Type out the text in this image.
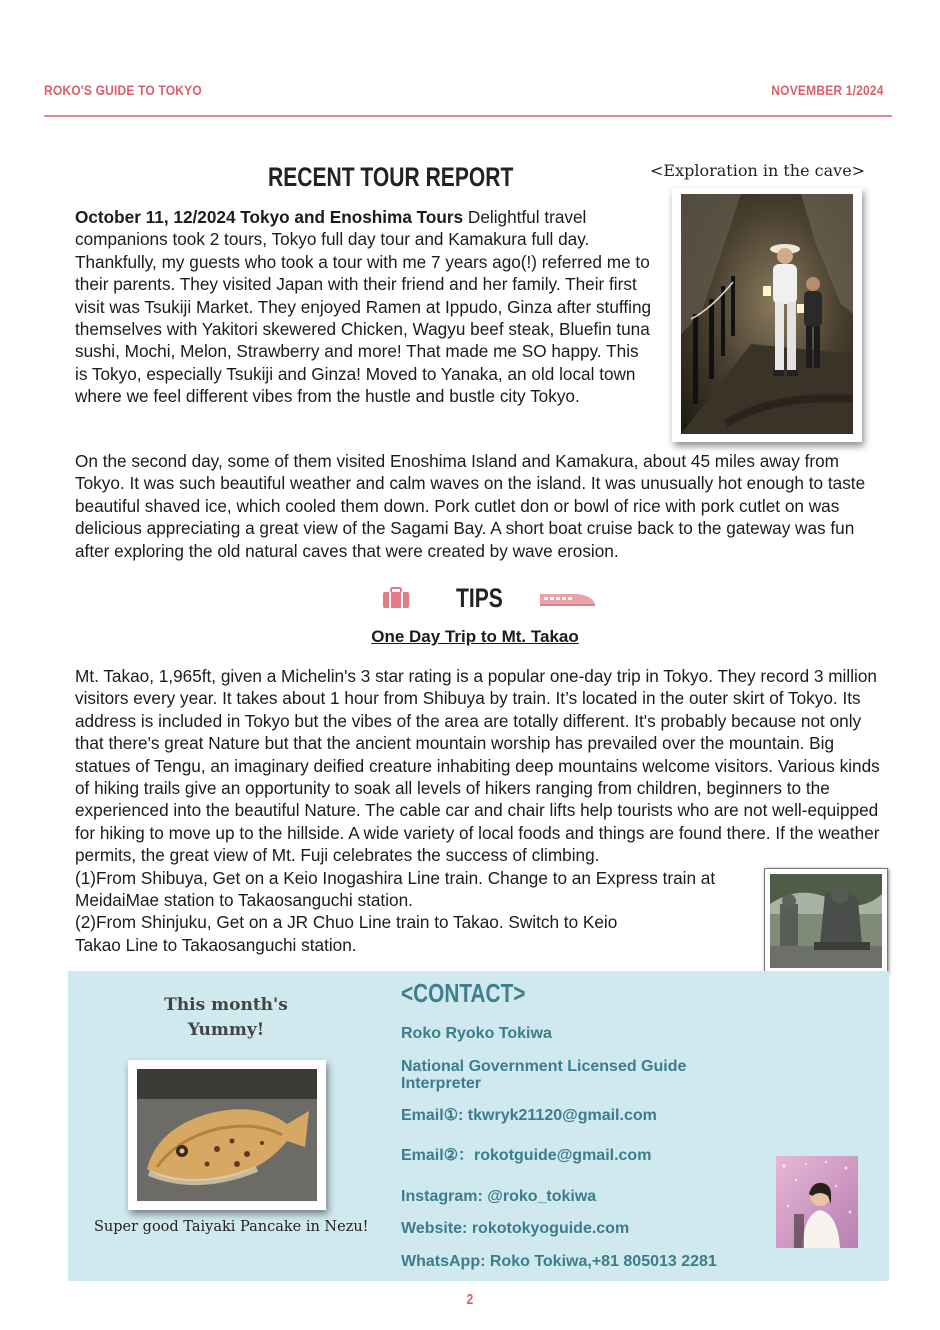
ROKO'S GUIDE TO TOKYO	NOVEMBER 1/2024
RECENT TOUR REPORT	<Exploration in the cave>
October 11, 12/2024 Tokyo and Enoshima Tours Delightful travel companions took 2 tours, Tokyo full day tour and Kamakura full day. Thankfully, my guests who took a tour with me 7 years ago(!) referred me to their parents. They visited Japan with their friend and her family. Their first visit was Tsukiji Market. They enjoyed Ramen at Ippudo, Ginza after stuffing themselves with Yakitori skewered Chicken, Wagyu beef steak, Bluefin tuna sushi, Mochi, Melon, Strawberry and more! That made me SO happy. This is Tokyo, especially Tsukiji and Ginza! Moved to Yanaka, an old local town where we feel different vibes from the hustle and bustle city Tokyo.
On the second day, some of them visited Enoshima Island and Kamakura, about 45 miles away from Tokyo. It was such beautiful weather and calm waves on the island. It was unusually hot enough to taste beautiful shaved ice, which cooled them down. Pork cutlet don or bowl of rice with pork cutlet on was delicious appreciating a great view of the Sagami Bay. A short boat cruise back to the gateway was fun after exploring the old natural caves that were created by wave erosion.
TIPS
One Day Trip to Mt. Takao
Mt. Takao, 1,965ft, given a Michelin's 3 star rating is a popular one-day trip in Tokyo. They record 3 million visitors every year. It takes about 1 hour from Shibuya by train. It’s located in the outer skirt of Tokyo. Its address is included in Tokyo but the vibes of the area are totally different. It's probably because not only that there's great Nature but that the ancient mountain worship has prevailed over the mountain. Big statues of Tengu, an imaginary deified creature inhabiting deep mountains welcome visitors. Various kinds of hiking trails give an opportunity to soak all levels of hikers ranging from children, beginners to the experienced into the beautiful Nature. The cable car and chair lifts help tourists who are not well-equipped for hiking to move up to the hillside. A wide variety of local foods and things are found there. If the weather permits, the great view of Mt. Fuji celebrates the success of climbing.
(1)From Shibuya, Get on a Keio Inogashira Line train. Change to an Express train at MeidaiMae station to Takaosanguchi station.
(2)From Shinjuku, Get on a JR Chuo Line train to Takao. Switch to Keio Takao Line to Takaosanguchi station.
This month's
Yummy!
Super good Taiyaki Pancake in Nezu!
<CONTACT>
Roko Ryoko Tokiwa
National Government Licensed Guide
Interpreter
Email①: tkwryk21120@gmail.com
Email②：rokotguide@gmail.com
Instagram: @roko_tokiwa
Website: rokotokyoguide.com
WhatsApp: Roko Tokiwa,+81 805013 2281
2
